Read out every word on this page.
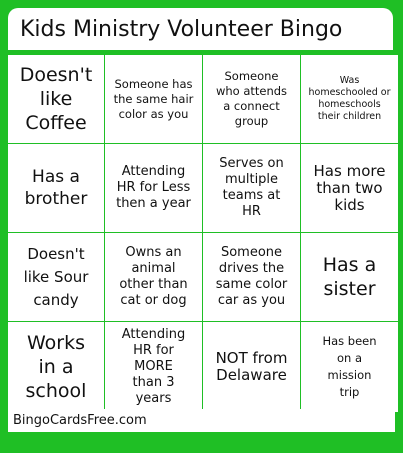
Kids Ministry Volunteer Bingo
Doesn't like Coffee
Someone has the same hair color as you
Someone who attends a connect group
Was homeschooled or homeschools their children
Has a brother
Attending HR for Less then a year
Serves on multiple teams at HR
Has more than two kids
Doesn't like Sour candy
Owns an animal other than cat or dog
Someone drives the same color car as you
Has a sister
Works in a school
Attending HR for MORE than 3 years
NOT from Delaware
Has been on a mission trip
BingoCardsFree.com
